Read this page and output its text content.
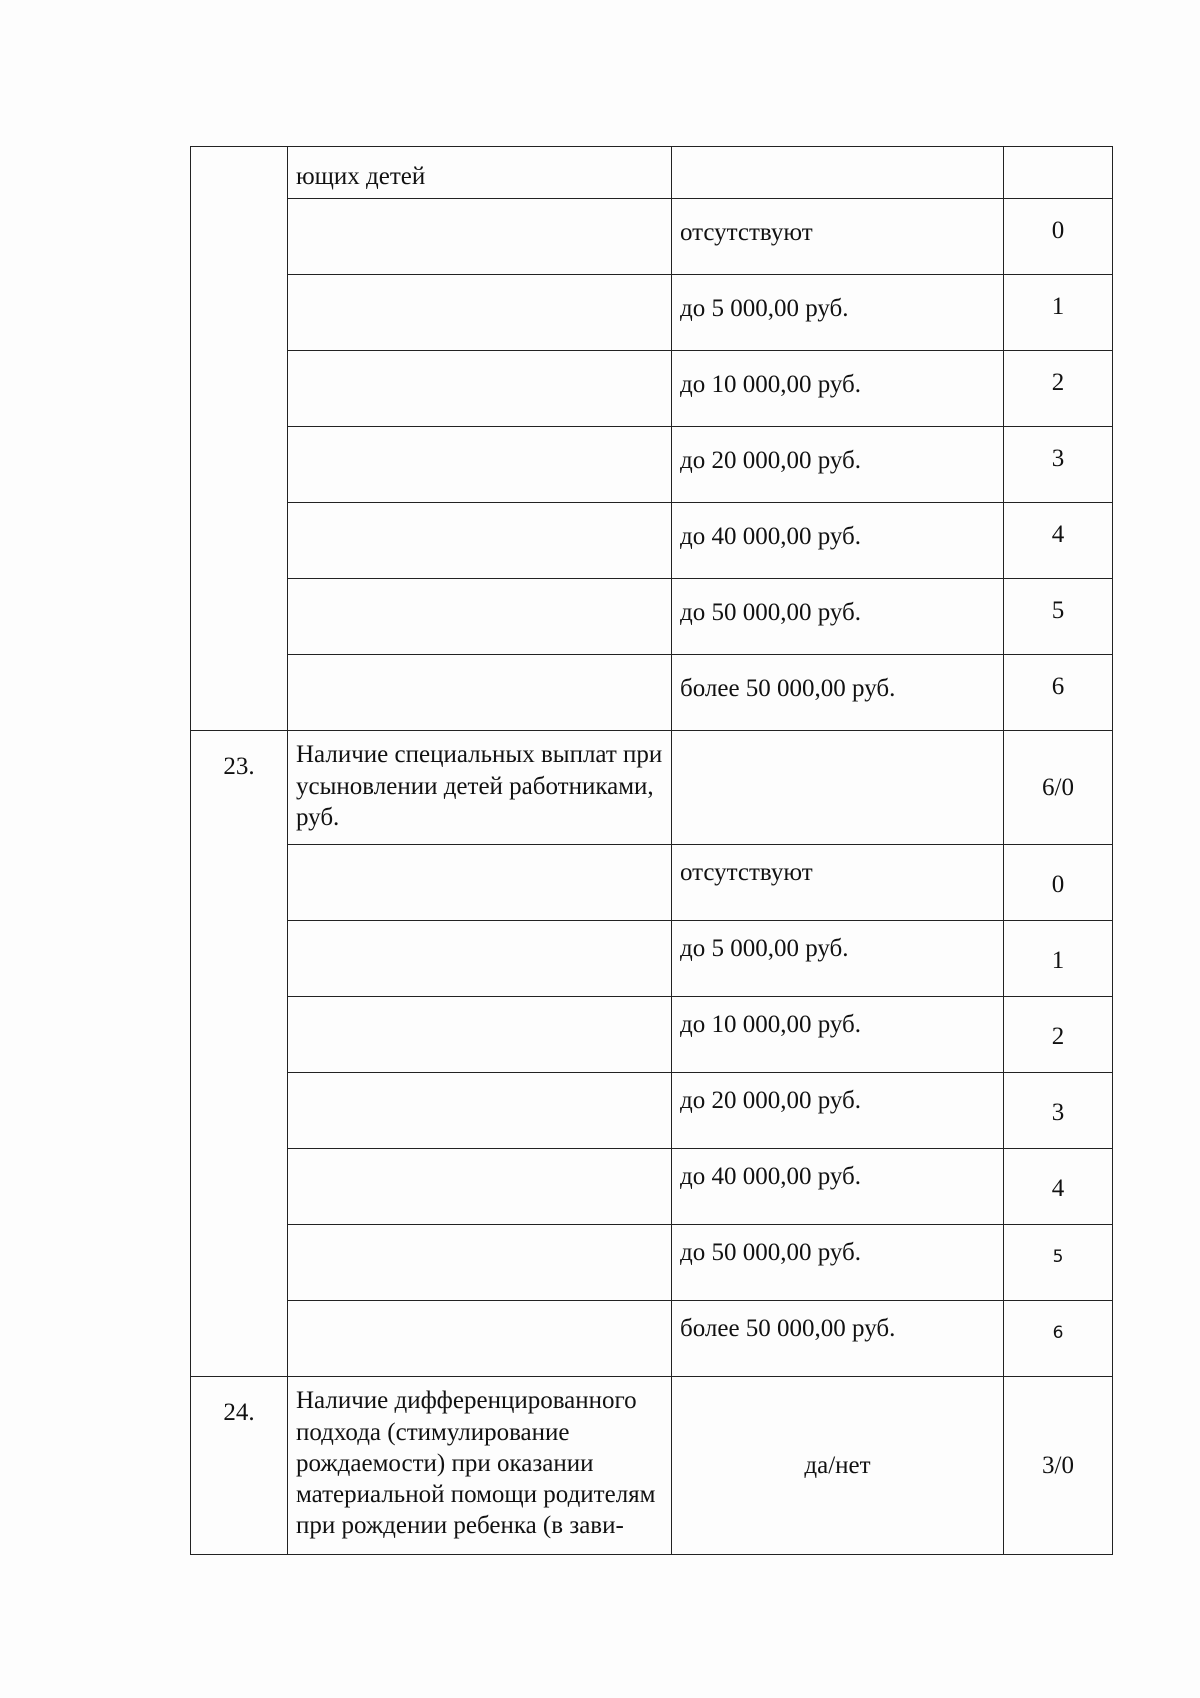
	ющих детей		
		отсутствуют	0
		до 5 000,00 руб.	1
		до 10 000,00 руб.	2
		до 20 000,00 руб.	3
		до 40 000,00 руб.	4
		до 50 000,00 руб.	5
		более 50 000,00 руб.	6
23.	Наличие специальных выплат при усыновлении детей работниками, руб.		6/0
		отсутствуют	0
		до 5 000,00 руб.	1
		до 10 000,00 руб.	2
		до 20 000,00 руб.	3
		до 40 000,00 руб.	4
		до 50 000,00 руб.	5
		более 50 000,00 руб.	6
24.	Наличие дифференцированного подхода (стимулирование рождаемости) при оказании материальной помощи родителям при рождении ребенка (в зави-	да/нет	3/0
